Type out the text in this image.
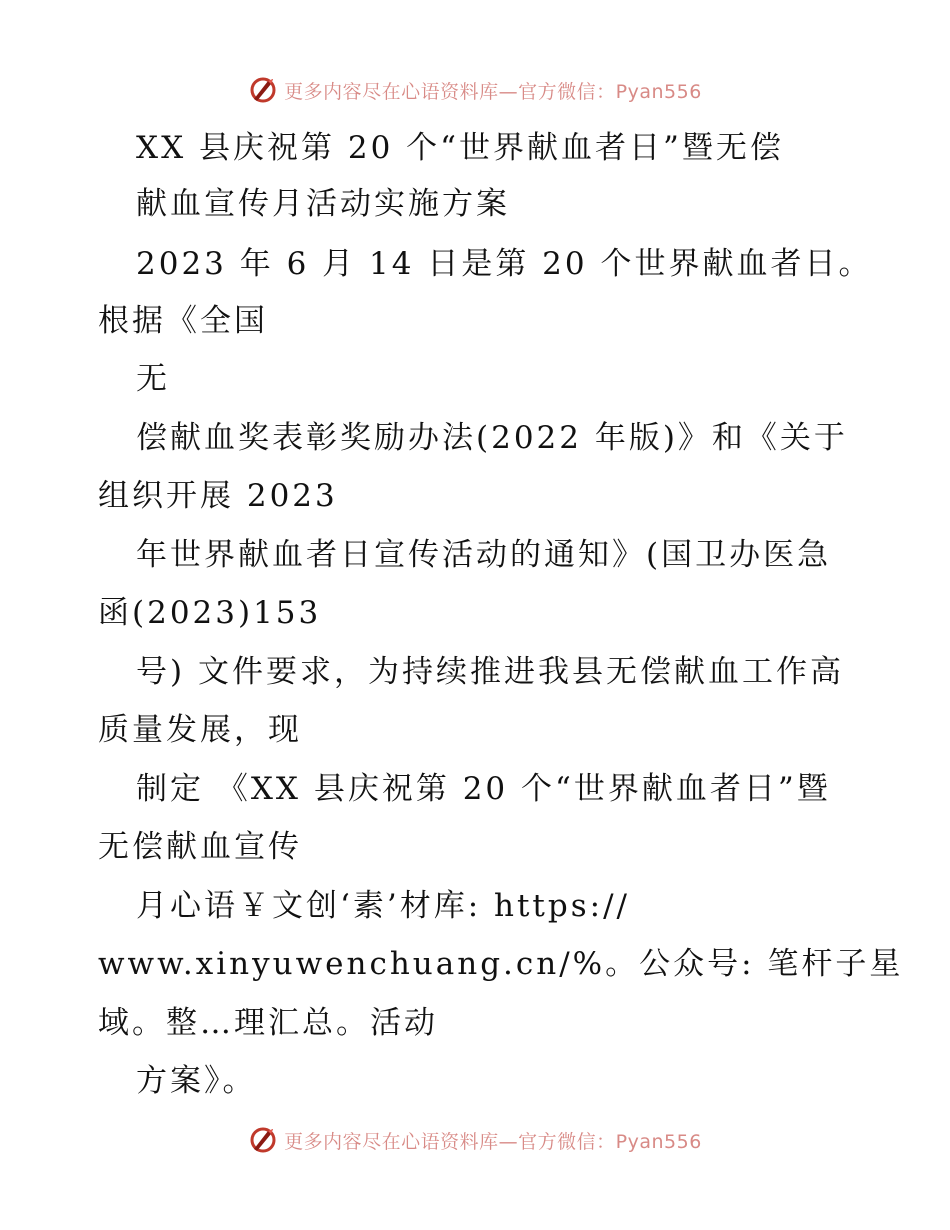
更多内容尽在心语资料库—官方微信：Pyan556
XX 县庆祝第 20 个“世界献血者日”暨无偿
献血宣传月活动实施方案
2023 年 6 月 14 日是第 20 个世界献血者日。
根据《全国
无
偿献血奖表彰奖励办法(2022 年版)》和《关于
组织开展 2023
年世界献血者日宣传活动的通知》(国卫办医急
函(2023)153
号) 文件要求，为持续推进我县无偿献血工作高
质量发展，现
制定 《XX 县庆祝第 20 个“世界献血者日”暨
无偿献血宣传
月心语￥文创‘素’材库: https://
www.xinyuwenchuang.cn/%。公众号: 笔杆子星
域。整…理汇总。活动
方案》。
更多内容尽在心语资料库—官方微信：Pyan556
